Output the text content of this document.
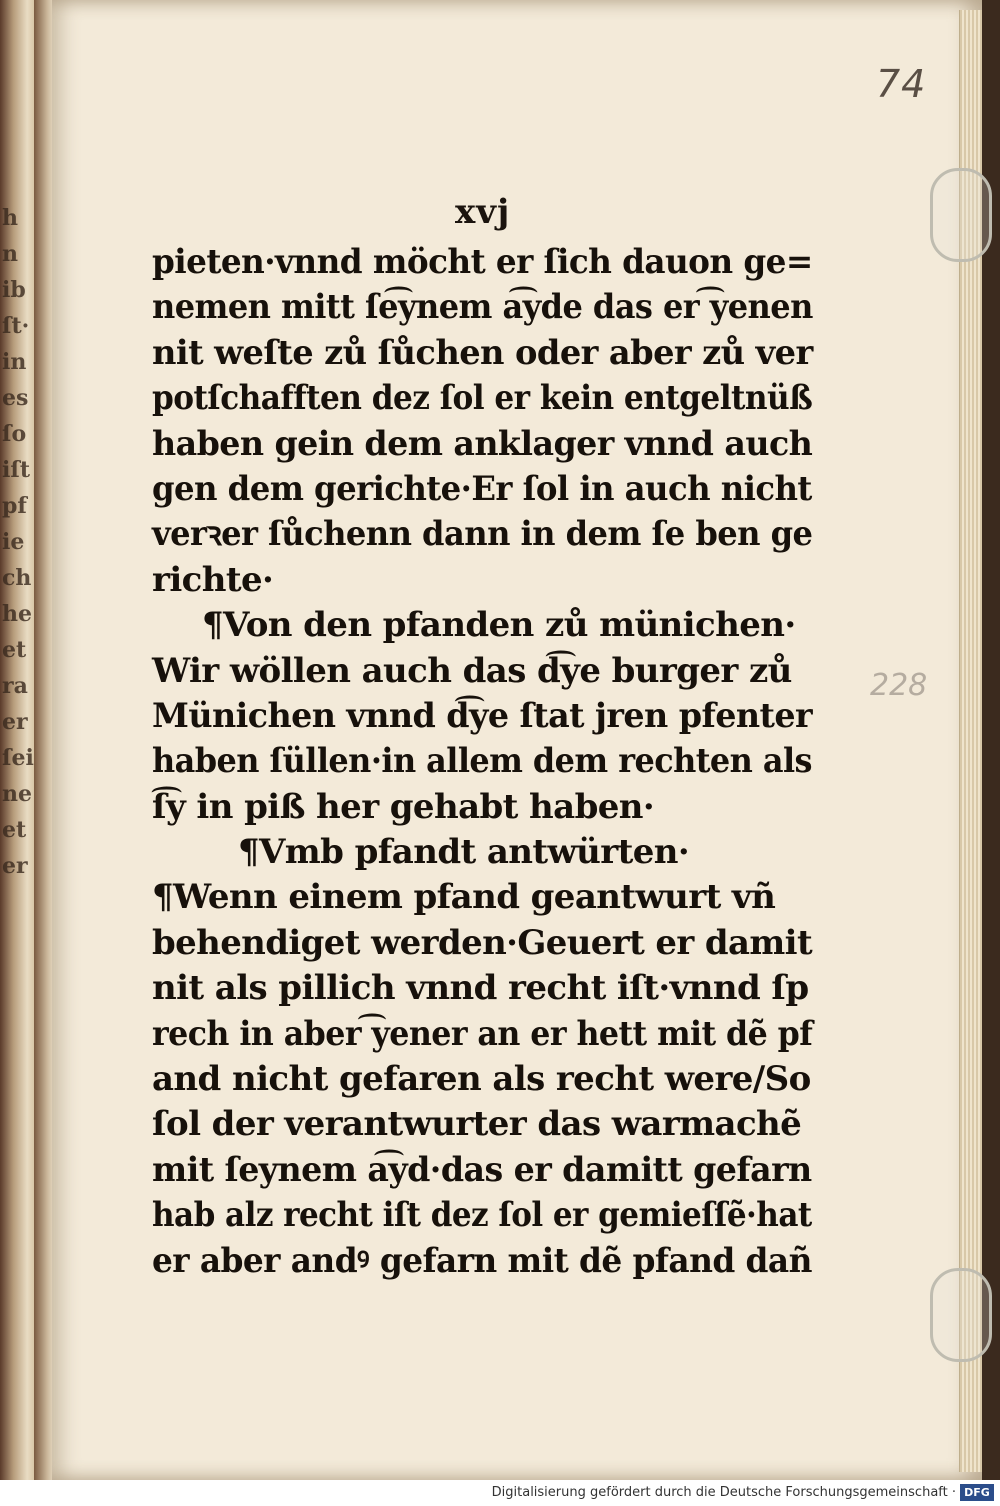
h
n
ib
ſt·
in
es
ſo
iſt
pf
ie
ch
he
et
ra
er
ſei
ne
et
er
74
228
xvj
pieten·vnnd möcht er ſich dauon ge=
nemen mitt ſe͡ynem a͡yde das er ͡yenen
nit weſte zů ſůchen oder aber zů ver
potſchafften dez ſol er kein entgeltnüß
haben gein dem anklager vnnd auch
gen dem gerichte·Er ſol in auch nicht
verꝛer ſůchenn dann in dem ſe ben ge
richte·
¶Von den pfanden zů münichen·
Wir wöllen auch das d͡ye burger zů
Münichen vnnd d͡ye ſtat jren pfenter
haben ſüllen·in allem dem rechten als
ſ͡y in piß her gehabt haben·
¶Vmb pfandt antwürten·
¶Wenn einem pfand geantwurt vñ
behendiget werden·Geuert er damit
nit als pillich vnnd recht iſt·vnnd ſp
rech in aber ͡yener an er hett mit dẽ pf
and nicht gefaren als recht were/So
ſol der verantwurter das warmachẽ
mit ſeynem a͡yd·das er damitt gefarn
hab alz recht iſt dez ſol er gemieſſẽ·hat
er aber andꝰ gefarn mit dẽ pfand dañ
Digitalisierung gefördert durch die Deutsche Forschungsgemeinschaft · DFG
